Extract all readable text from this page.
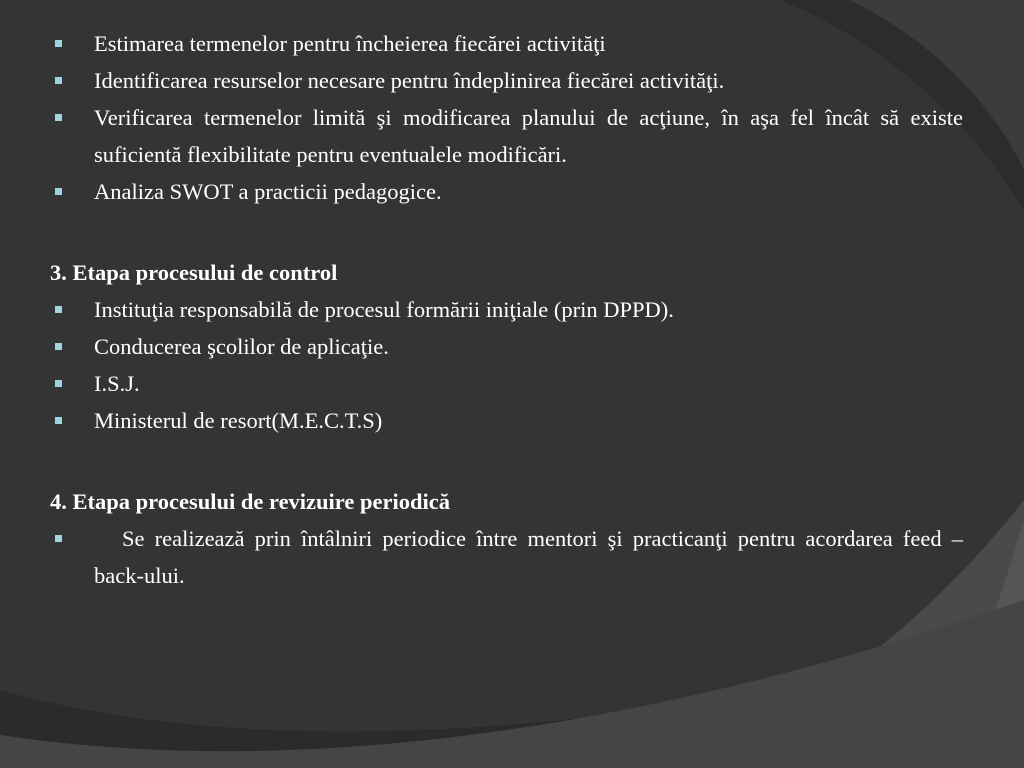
Estimarea termenelor pentru încheierea fiecărei activităţi
Identificarea resurselor necesare pentru îndeplinirea fiecărei activităţi.
Verificarea termenelor limită şi modificarea planului de acţiune, în aşa fel încât să existe suficientă flexibilitate pentru eventualele modificări.
Analiza SWOT a practicii pedagogice.
3. Etapa procesului de control
Instituţia responsabilă de procesul formării iniţiale (prin DPPD).
Conducerea şcolilor de aplicaţie.
I.S.J.
Ministerul de resort(M.E.C.T.S)
4. Etapa procesului de revizuire periodică
Se realizează prin întâlniri periodice între mentori şi practicanţi pentru acordarea feed – back-ului.
